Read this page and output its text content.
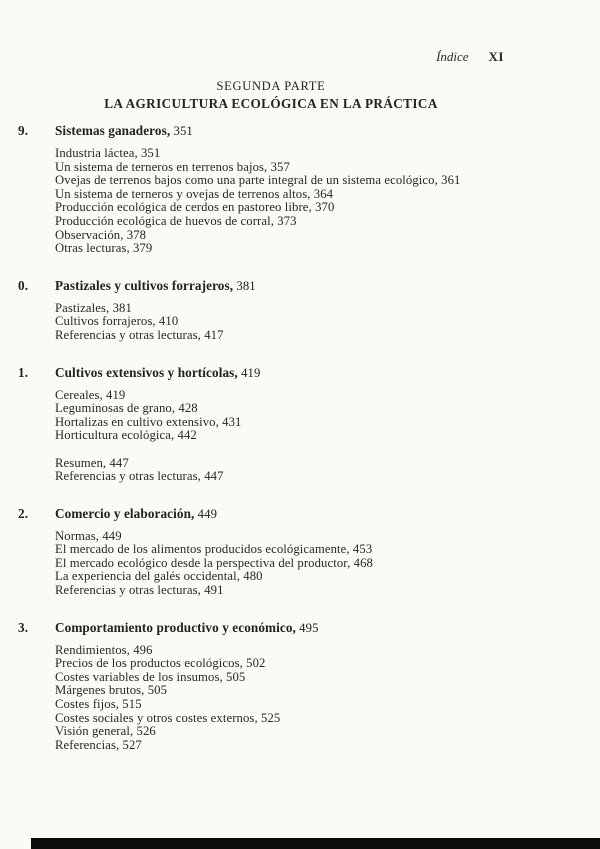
Índice XI
SEGUNDA PARTE
LA AGRICULTURA ECOLÓGICA EN LA PRÁCTICA
9. Sistemas ganaderos, 351
Industria láctea, 351
Un sistema de terneros en terrenos bajos, 357
Ovejas de terrenos bajos como una parte integral de un sistema ecológico, 361
Un sistema de terneros y ovejas de terrenos altos, 364
Producción ecológica de cerdos en pastoreo libre, 370
Producción ecológica de huevos de corral, 373
Observación, 378
Otras lecturas, 379
0. Pastizales y cultivos forrajeros, 381
Pastizales, 381
Cultivos forrajeros, 410
Referencias y otras lecturas, 417
1. Cultivos extensivos y hortícolas, 419
Cereales, 419
Leguminosas de grano, 428
Hortalizas en cultivo extensivo, 431
Horticultura ecológica, 442
Resumen, 447
Referencias y otras lecturas, 447
2. Comercio y elaboración, 449
Normas, 449
El mercado de los alimentos producidos ecológicamente, 453
El mercado ecológico desde la perspectiva del productor, 468
La experiencia del galés occidental, 480
Referencias y otras lecturas, 491
3. Comportamiento productivo y económico, 495
Rendimientos, 496
Precios de los productos ecológicos, 502
Costes variables de los insumos, 505
Márgenes brutos, 505
Costes fijos, 515
Costes sociales y otros costes externos, 525
Visión general, 526
Referencias, 527
